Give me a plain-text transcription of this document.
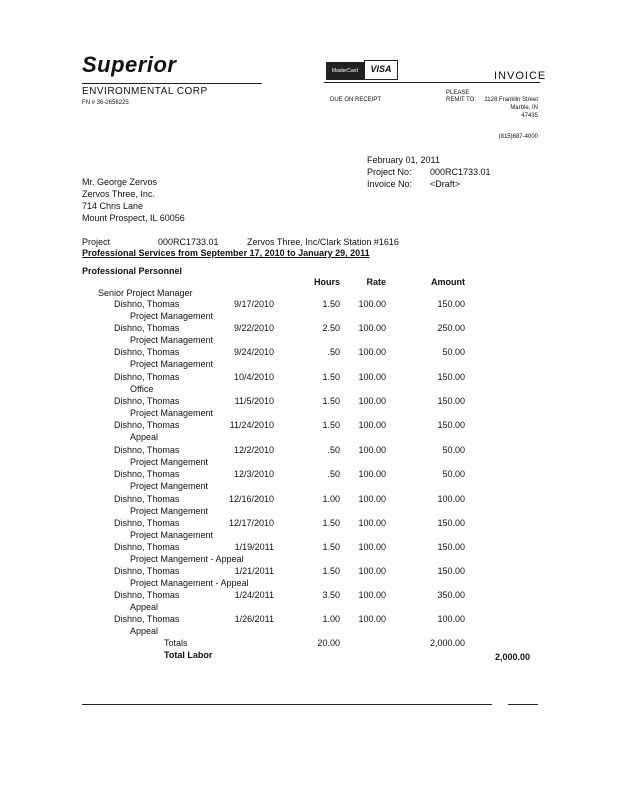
Superior
ENVIRONMENTAL CORP
FN # 36-2656225
MasterCard	VISA
INVOICE
DUE ON RECEIPT
PLEASE
REMIT TO:	1128 Franklin Street
Marble, IN
47435
(815)687-4000
February 01, 2011
Project No: 000RC1733.01
Invoice No: <Draft>
Mr. George Zervos
Zervos Three, Inc.
714 Chris Lane
Mount Prospect, IL 60056
Project	000RC1733.01	Zervos Three, Inc/Clark Station #1616
Professional Services from September 17, 2010 to January 29, 2011
Professional Personnel
Hours	Rate	Amount
Senior Project Manager
Dishno, Thomas	9/17/2010	1.50	100.00	150.00
Project Management
Dishno, Thomas	9/22/2010	2.50	100.00	250.00
Project Management
Dishno, Thomas	9/24/2010	.50	100.00	50.00
Project Management
Dishno, Thomas	10/4/2010	1.50	100.00	150.00
Office
Dishno, Thomas	11/5/2010	1.50	100.00	150.00
Project Management
Dishno, Thomas	11/24/2010	1.50	100.00	150.00
Appeal
Dishno, Thomas	12/2/2010	.50	100.00	50.00
Project Mangement
Dishno, Thomas	12/3/2010	.50	100.00	50.00
Project Mangement
Dishno, Thomas	12/16/2010	1.00	100.00	100.00
Project Mangement
Dishno, Thomas	12/17/2010	1.50	100.00	150.00
Project Management
Dishno, Thomas	1/19/2011	1.50	100.00	150.00
Project Mangement - Appeal
Dishno, Thomas	1/21/2011	1.50	100.00	150.00
Project Management - Appeal
Dishno, Thomas	1/24/2011	3.50	100.00	350.00
Appeal
Dishno, Thomas	1/26/2011	1.00	100.00	100.00
Appeal
Totals	20.00	2,000.00
Total Labor	2,000.00
